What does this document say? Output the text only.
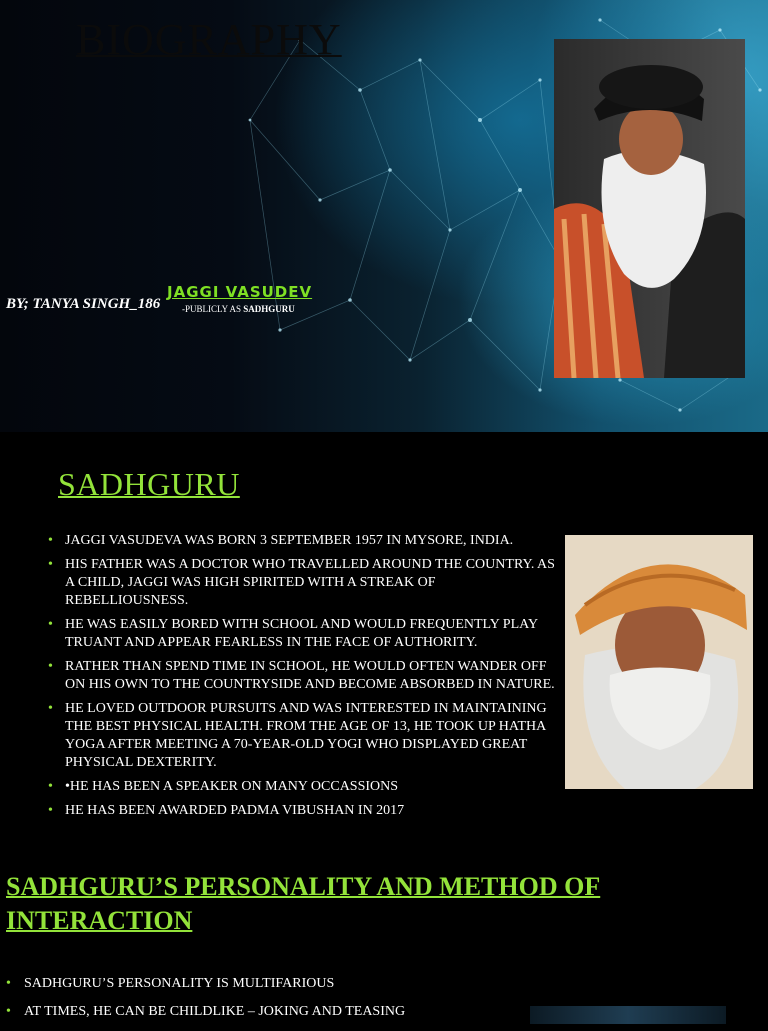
BIOGRAPHY
BY; TANYA SINGH_186
JAGGI VASUDEV
-PUBLICLY AS SADHGURU
SADHGURU
• JAGGI VASUDEVA WAS BORN 3 SEPTEMBER 1957 IN MYSORE, INDIA.
• HIS FATHER WAS A DOCTOR WHO TRAVELLED AROUND THE COUNTRY. AS A CHILD, JAGGI WAS HIGH SPIRITED WITH A STREAK OF REBELLIOUSNESS.
• HE WAS EASILY BORED WITH SCHOOL AND WOULD FREQUENTLY PLAY TRUANT AND APPEAR FEARLESS IN THE FACE OF AUTHORITY.
• RATHER THAN SPEND TIME IN SCHOOL, HE WOULD OFTEN WANDER OFF ON HIS OWN TO THE COUNTRYSIDE AND BECOME ABSORBED IN NATURE.
• HE LOVED OUTDOOR PURSUITS AND WAS INTERESTED IN MAINTAINING THE BEST PHYSICAL HEALTH. FROM THE AGE OF 13, HE TOOK UP HATHA YOGA AFTER MEETING A 70-YEAR-OLD YOGI WHO DISPLAYED GREAT PHYSICAL DEXTERITY.
• •HE HAS BEEN A SPEAKER ON MANY OCCASSIONS
• HE HAS BEEN AWARDED PADMA VIBUSHAN IN 2017
SADHGURU’S PERSONALITY AND METHOD OF INTERACTION
• SADHGURU’S PERSONALITY IS MULTIFARIOUS
• AT TIMES, HE CAN BE CHILDLIKE – JOKING AND TEASING
